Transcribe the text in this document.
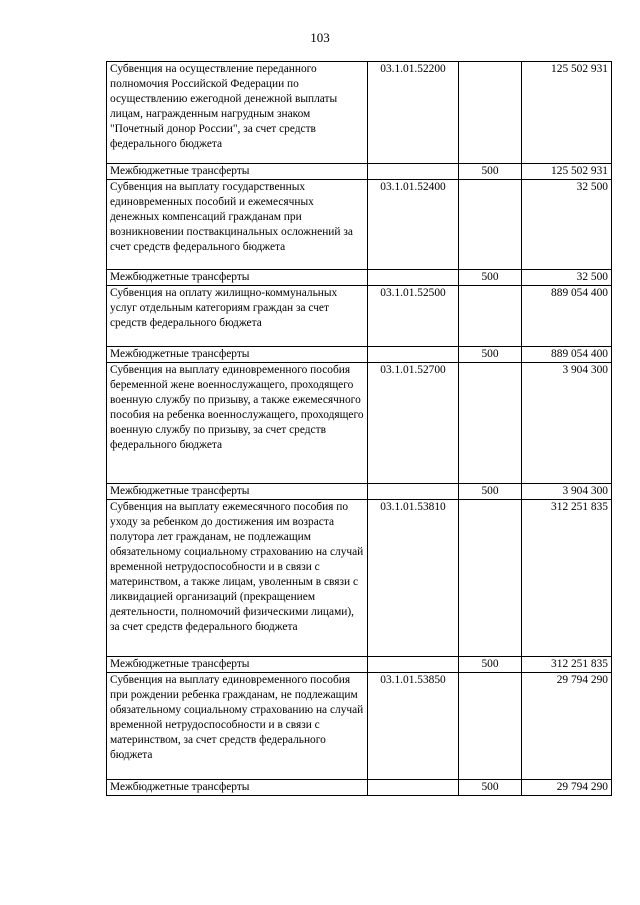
103
Субвенция на осуществление переданного полномочия Российской Федерации по осуществлению ежегодной денежной выплаты лицам, награжденным нагрудным знаком "Почетный донор России", за счет средств федерального бюджета	03.1.01.52200		125 502 931
Межбюджетные трансферты		500	125 502 931
Субвенция на выплату государственных единовременных пособий и ежемесячных денежных компенсаций гражданам при возникновении поствакцинальных осложнений за счет средств федерального бюджета	03.1.01.52400		32 500
Межбюджетные трансферты		500	32 500
Субвенция на оплату жилищно-коммунальных услуг отдельным категориям граждан за счет средств федерального бюджета	03.1.01.52500		889 054 400
Межбюджетные трансферты		500	889 054 400
Субвенция на выплату единовременного пособия беременной жене военнослужащего, проходящего военную службу по призыву, а также ежемесячного пособия на ребенка военнослужащего, проходящего военную службу по призыву, за счет средств федерального бюджета	03.1.01.52700		3 904 300
Межбюджетные трансферты		500	3 904 300
Субвенция на выплату ежемесячного пособия по уходу за ребенком до достижения им возраста полутора лет гражданам, не подлежащим обязательному социальному страхованию на случай временной нетрудоспособности и в связи с материнством, а также лицам, уволенным в связи с ликвидацией организаций (прекращением деятельности, полномочий физическими лицами), за счет средств федерального бюджета	03.1.01.53810		312 251 835
Межбюджетные трансферты		500	312 251 835
Субвенция на выплату единовременного пособия при рождении ребенка гражданам, не подлежащим обязательному социальному страхованию на случай временной нетрудоспособности и в связи с материнством, за счет средств федерального бюджета	03.1.01.53850		29 794 290
Межбюджетные трансферты		500	29 794 290
